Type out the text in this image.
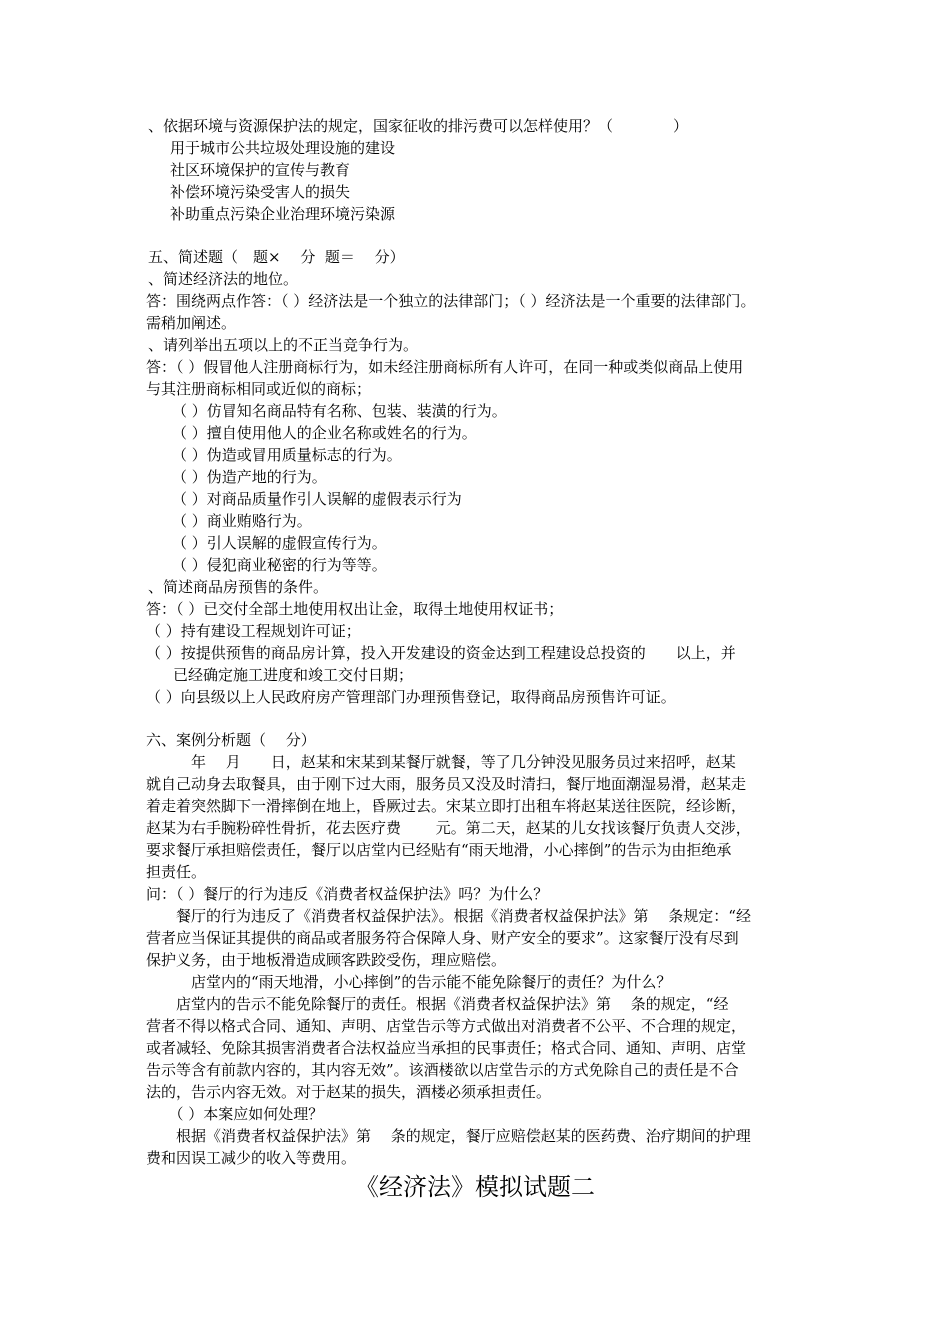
、依据环境与资源保护法的规定，国家征收的排污费可以怎样使用？（　　　　）
用于城市公共垃圾处理设施的建设
社区环境保护的宣传与教育
补偿环境污染受害人的损失
补助重点污染企业治理环境污染源
五、简述题（　题×　 分  题＝　 分）
、简述经济法的地位。
答：围绕两点作答：（ ）经济法是一个独立的法律部门；（ ）经济法是一个重要的法律部门。
需稍加阐述。
、请列举出五项以上的不正当竞争行为。
答：（ ）假冒他人注册商标行为，如未经注册商标所有人许可，在同一种或类似商品上使用
与其注册商标相同或近似的商标；
（ ）仿冒知名商品特有名称、包装、装潢的行为。
（ ）擅自使用他人的企业名称或姓名的行为。
（ ）伪造或冒用质量标志的行为。
（ ）伪造产地的行为。
（ ）对商品质量作引人误解的虚假表示行为
（ ）商业贿赂行为。
（ ）引人误解的虚假宣传行为。
（ ）侵犯商业秘密的行为等等。
、简述商品房预售的条件。
答：（ ）已交付全部土地使用权出让金，取得土地使用权证书；
（ ）持有建设工程规划许可证；
（ ）按提供预售的商品房计算，投入开发建设的资金达到工程建设总投资的　　以上，并
　已经确定施工进度和竣工交付日期；
（ ）向县级以上人民政府房产管理部门办理预售登记，取得商品房预售许可证。
六、案例分析题（　 分）
　　　年　 月　　日，赵某和宋某到某餐厅就餐，等了几分钟没见服务员过来招呼，赵某
就自己动身去取餐具，由于刚下过大雨，服务员又没及时清扫，餐厅地面潮湿易滑，赵某走
着走着突然脚下一滑摔倒在地上，昏厥过去。宋某立即打出租车将赵某送往医院，经诊断，
赵某为右手腕粉碎性骨折，花去医疗费　　 元。第二天，赵某的儿女找该餐厅负责人交涉，
要求餐厅承担赔偿责任，餐厅以店堂内已经贴有“雨天地滑，小心摔倒”的告示为由拒绝承
担责任。
问：（ ）餐厅的行为违反《消费者权益保护法》吗？为什么？
　　餐厅的行为违反了《消费者权益保护法》。根据《消费者权益保护法》第　 条规定：“经
营者应当保证其提供的商品或者服务符合保障人身、财产安全的要求”。这家餐厅没有尽到
保护义务，由于地板滑造成顾客跌跤受伤，理应赔偿。
　　　店堂内的“雨天地滑，小心摔倒”的告示能不能免除餐厅的责任？为什么？
　　店堂内的告示不能免除餐厅的责任。根据《消费者权益保护法》第　 条的规定，“经
营者不得以格式合同、通知、声明、店堂告示等方式做出对消费者不公平、不合理的规定，
或者减轻、免除其损害消费者合法权益应当承担的民事责任；格式合同、通知、声明、店堂
告示等含有前款内容的，其内容无效”。该酒楼欲以店堂告示的方式免除自己的责任是不合
法的，告示内容无效。对于赵某的损失，酒楼必须承担责任。
　　（ ）本案应如何处理？
　　根据《消费者权益保护法》第　 条的规定，餐厅应赔偿赵某的医药费、治疗期间的护理
费和因误工减少的收入等费用。
《经济法》模拟试题二
